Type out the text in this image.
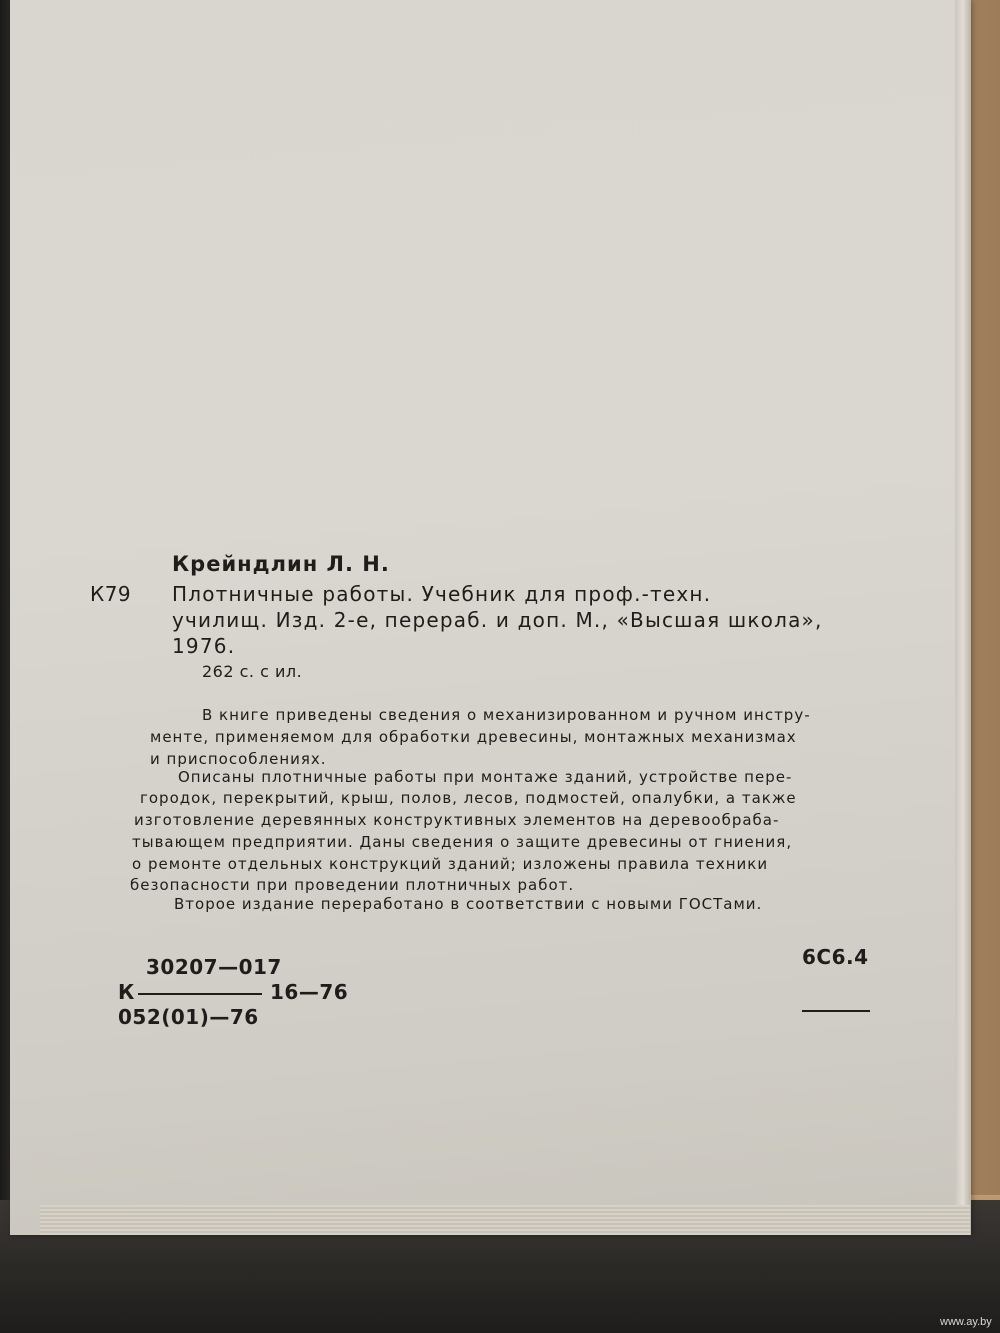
Крейндлин Л. Н.
К79 Плотничные работы. Учебник для проф.-техн.
училищ. Изд. 2-е, перераб. и доп. М., «Высшая школа»,
1976.
262 с. с ил.
В книге приведены сведения о механизированном и ручном инстру-
менте, применяемом для обработки древесины, монтажных механизмах
и приспособлениях.
Описаны плотничные работы при монтаже зданий, устройстве пере-
городок, перекрытий, крыш, полов, лесов, подмостей, опалубки, а также
изготовление деревянных конструктивных элементов на деревообраба-
тывающем предприятии. Даны сведения о защите древесины от гниения,
о ремонте отдельных конструкций зданий; изложены правила техники
безопасности при проведении плотничных работ.
Второе издание переработано в соответствии с новыми ГОСТами.
30207—017
К	16—76
052(01)—76
6С6.4
www.ay.by
